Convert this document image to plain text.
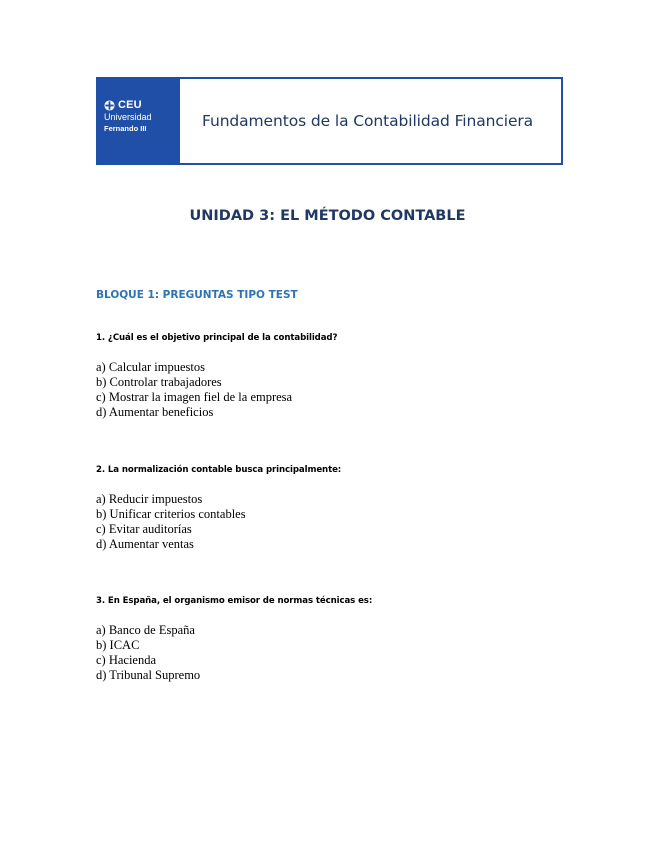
CEU
Universidad
Fernando III	Fundamentos de la Contabilidad Financiera
UNIDAD 3: EL MÉTODO CONTABLE
BLOQUE 1: PREGUNTAS TIPO TEST

1. ¿Cuál es el objetivo principal de la contabilidad?

a) Calcular impuestos
b) Controlar trabajadores
c) Mostrar la imagen fiel de la empresa
d) Aumentar beneficios

2. La normalización contable busca principalmente:

a) Reducir impuestos
b) Unificar criterios contables
c) Evitar auditorías
d) Aumentar ventas

3. En España, el organismo emisor de normas técnicas es:

a) Banco de España
b) ICAC
c) Hacienda
d) Tribunal Supremo
